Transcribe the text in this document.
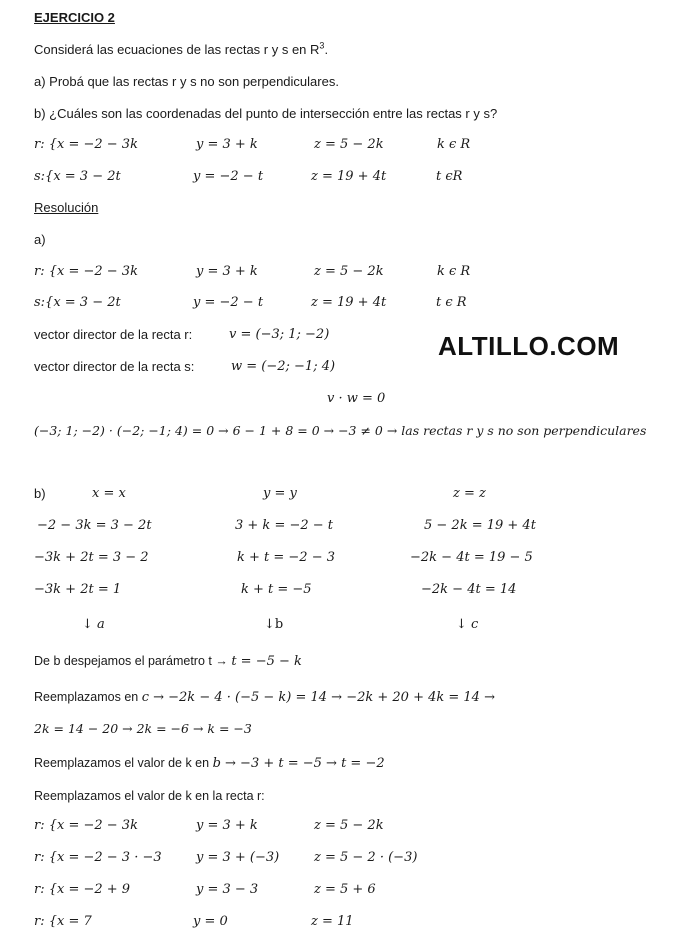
EJERCICIO 2
Considerá las ecuaciones de las rectas r y s en $R^3$.
a) Probá que las rectas r y s no son perpendiculares.
b) ¿Cuáles son las coordenadas del punto de intersección entre las rectas r y s?
r: {x = −2 − 3k	y = 3 + k	z = 5 − 2k	k ϵ R
s:{x = 3 − 2t	y = −2 − t	z = 19 + 4t	t ϵR
Resolución
a)
r: {x = −2 − 3k	y = 3 + k	z = 5 − 2k	k ϵ R
s:{x = 3 − 2t	y = −2 − t	z = 19 + 4t	t ϵ R
vector director de la recta r:	v = (−3; 1; −2)	ALTILLO.COM
vector director de la recta s:	w = (−2; −1; 4)
v · w = 0
(−3; 1; −2) · (−2; −1; 4) = 0 → 6 − 1 + 8 = 0 → −3 ≠ 0 → las rectas r y s no son perpendiculares
b)	x = x	y = y	z = z
−2 − 3k = 3 − 2t	3 + k = −2 − t	5 − 2k = 19 + 4t
−3k + 2t = 3 − 2	k + t = −2 − 3	−2k − 4t = 19 − 5
−3k + 2t = 1	k + t = −5	−2k − 4t = 14
↓ a	↓b	↓ c
De b despejamos el parámetro t → t = −5 − k
Reemplazamos en c → −2k − 4 · (−5 − k) = 14 → −2k + 20 + 4k = 14 →
2k = 14 − 20 → 2k = −6 → k = −3
Reemplazamos el valor de k en b → −3 + t = −5 → t = −2
Reemplazamos el valor de k en la recta r:
r: {x = −2 − 3k	y = 3 + k	z = 5 − 2k
r: {x = −2 − 3 · −3	y = 3 + (−3)	z = 5 − 2 · (−3)
r: {x = −2 + 9	y = 3 − 3	z = 5 + 6
r: {x = 7	y = 0	z = 11
